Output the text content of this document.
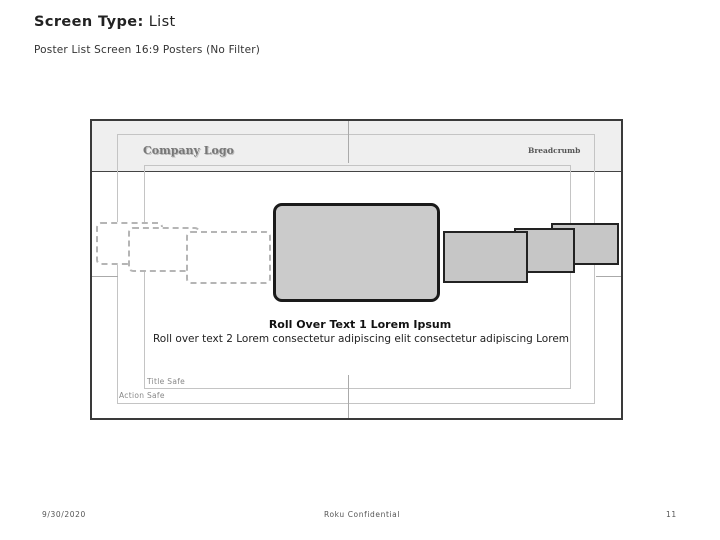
Screen Type: List
Poster List Screen 16:9 Posters (No Filter)
Company Logo	Breadcrumb
Roll Over Text 1 Lorem Ipsum
Roll over text 2 Lorem consectetur adipiscing elit consectetur adipiscing Lorem
Title Safe
Action Safe
9/30/2020	Roku Confidential	11
